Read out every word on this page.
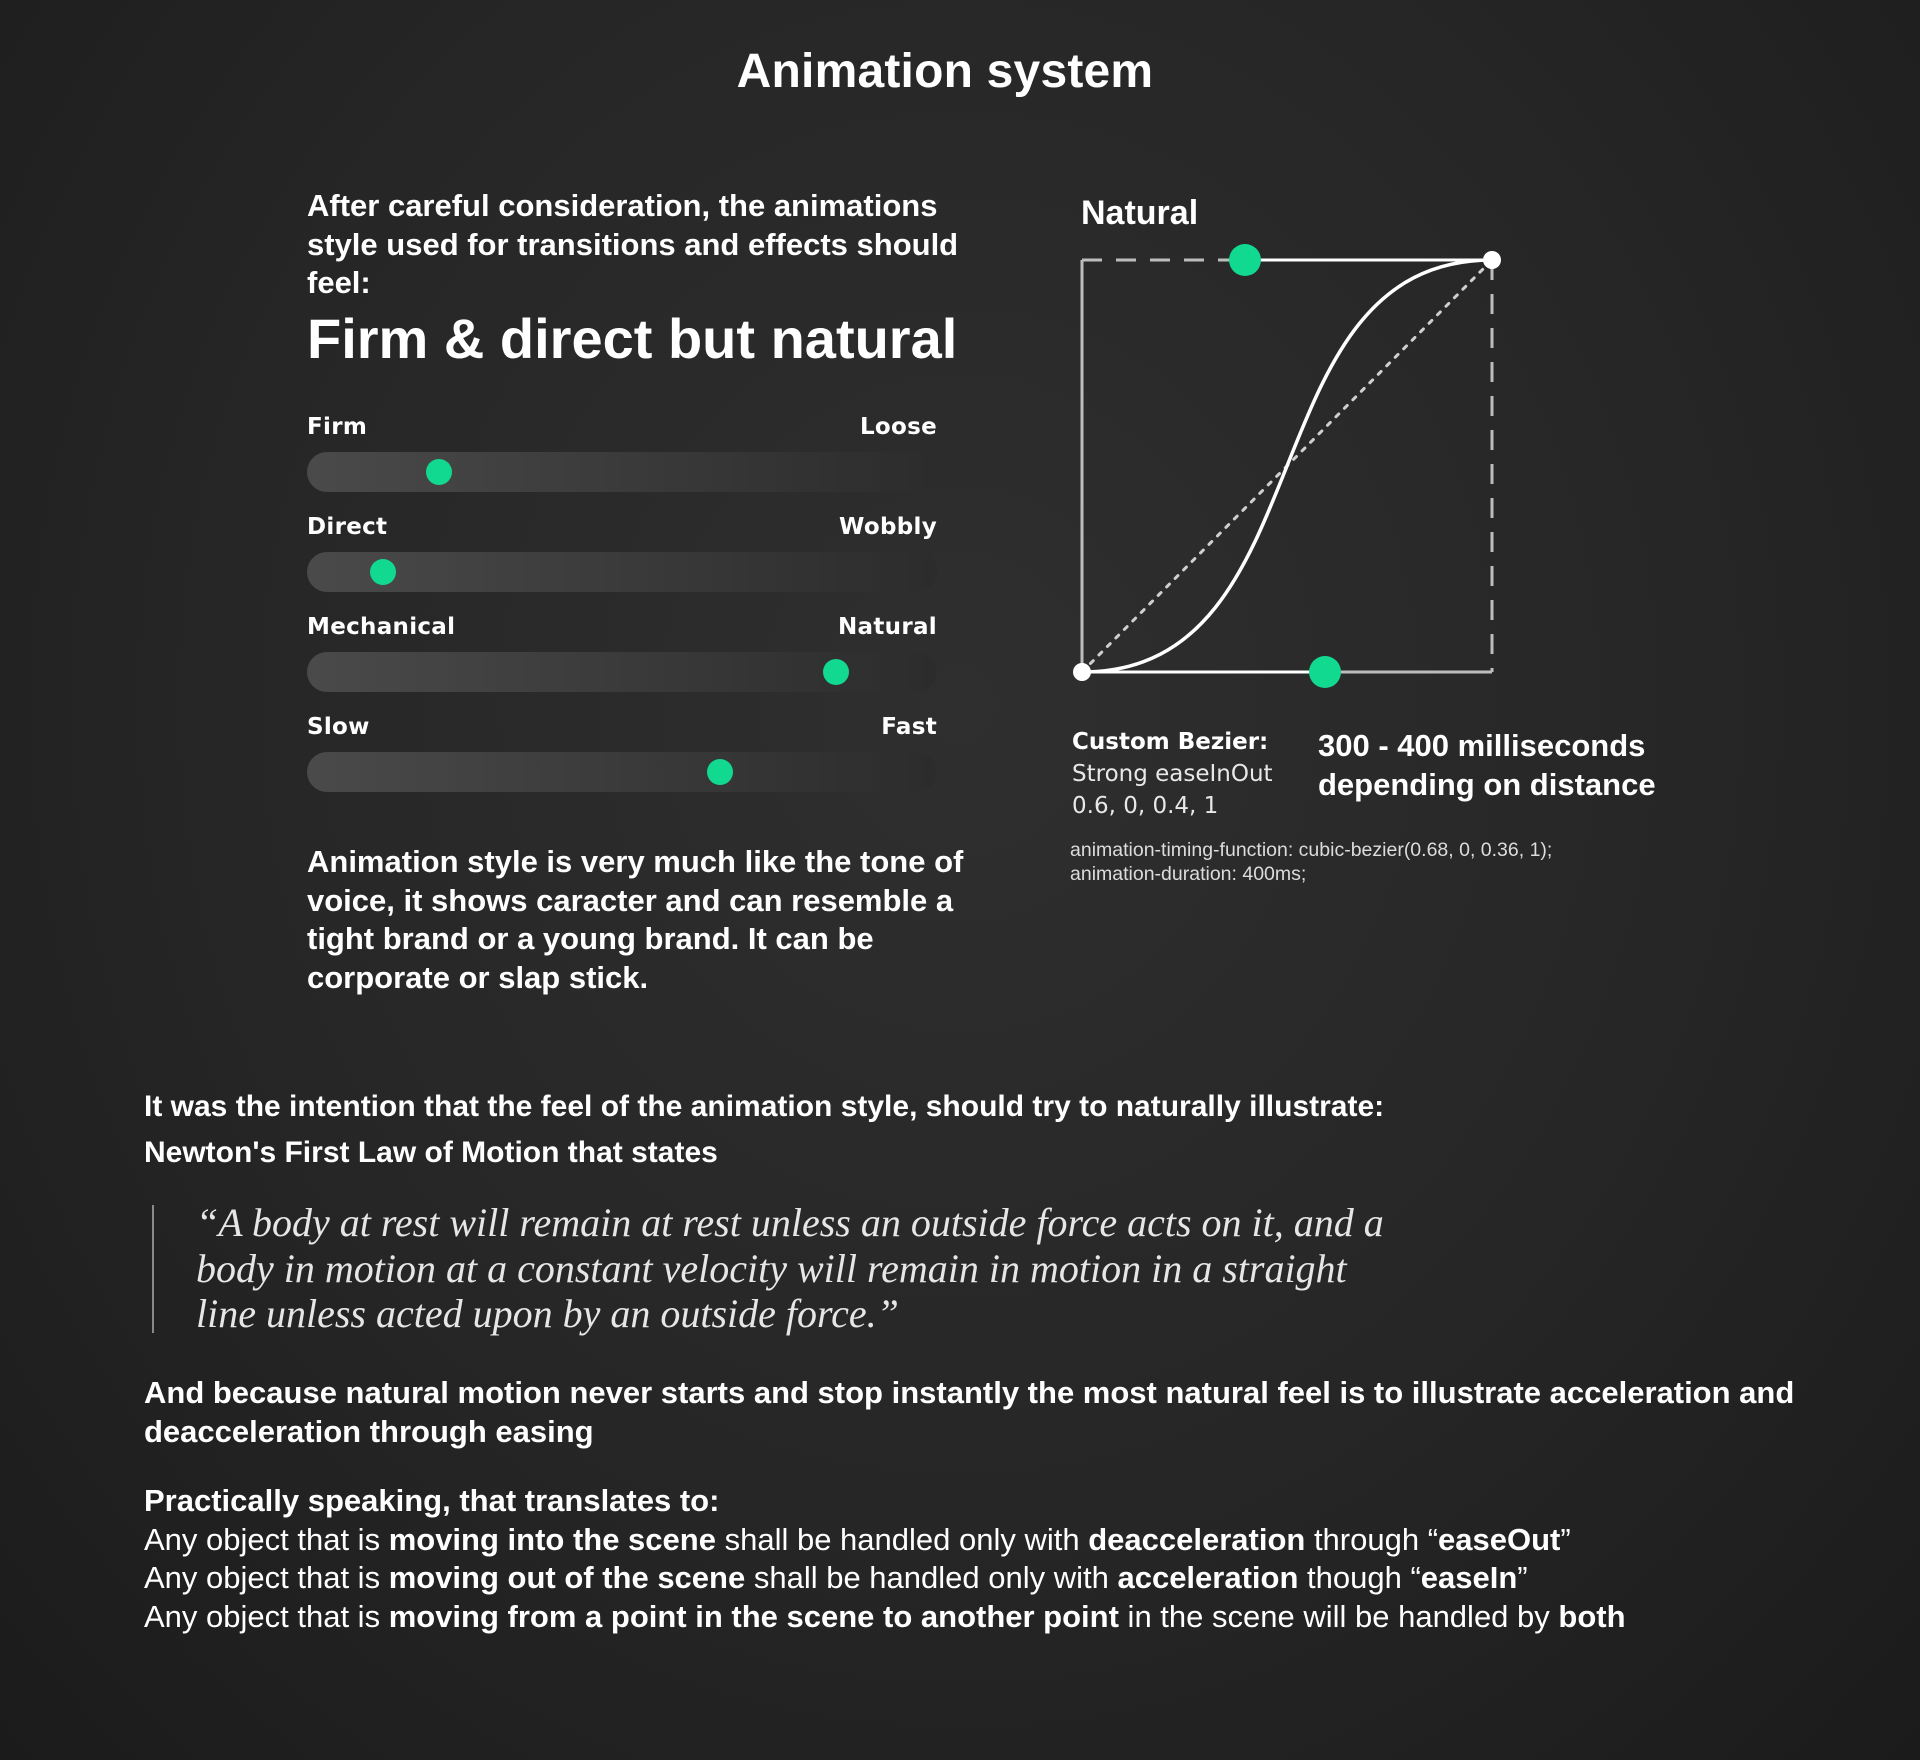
Animation system
After careful consideration, the animations style used for transitions and effects should feel:
Firm & direct but natural
Firm	Loose
Direct	Wobbly
Mechanical	Natural
Slow	Fast
Animation style is very much like the tone of voice, it shows caracter and can resemble a tight brand or a young brand. It can be corporate or slap stick.
Natural
Custom Bezier:
Strong easeInOut
0.6, 0, 0.4, 1
300 - 400 milliseconds depending on distance
animation-timing-function: cubic-bezier(0.68, 0, 0.36, 1);
animation-duration: 400ms;
It was the intention that the feel of the animation style, should try to naturally illustrate:
Newton's First Law of Motion that states
“A body at rest will remain at rest unless an outside force acts on it, and a body in motion at a constant velocity will remain in motion in a straight line unless acted upon by an outside force.”
And because natural motion never starts and stop instantly the most natural feel is to illustrate acceleration and deacceleration through easing
Practically speaking, that translates to:
Any object that is moving into the scene shall be handled only with deacceleration through “easeOut”
Any object that is moving out of the scene shall be handled only with acceleration though “easeIn”
Any object that is moving from a point in the scene to another point in the scene will be handled by both
